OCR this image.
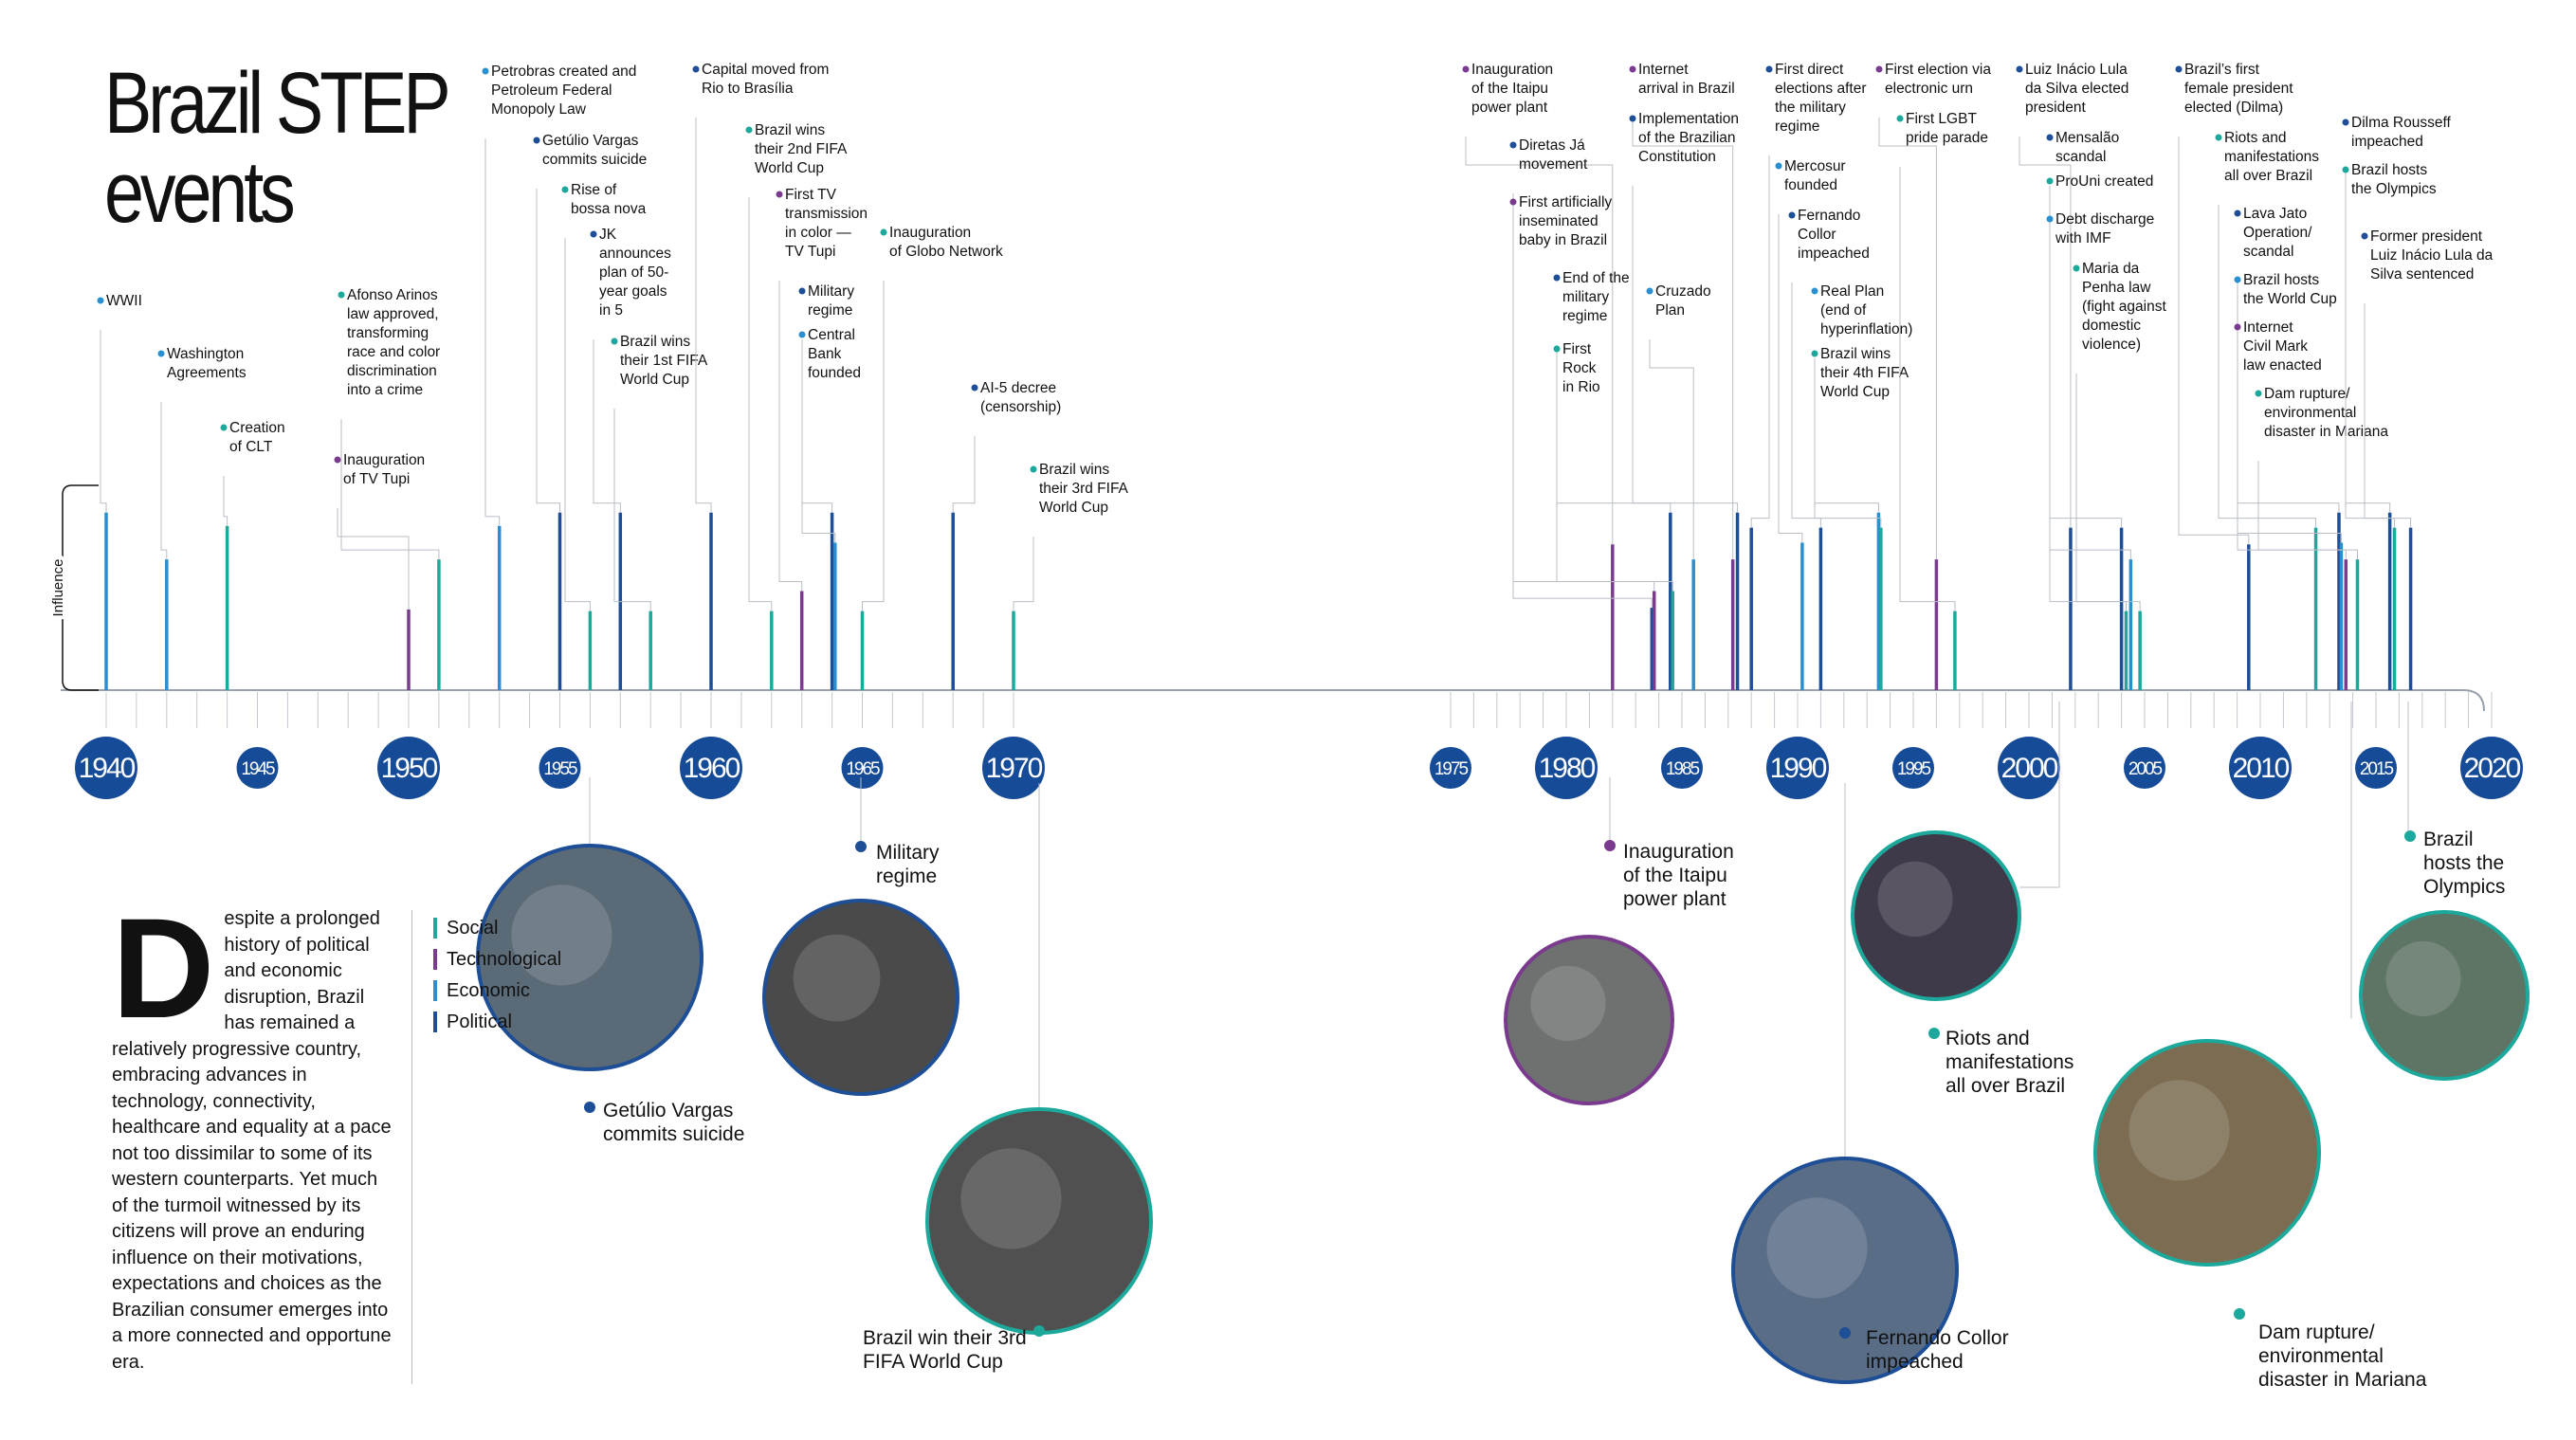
Brazil STEP
events
Influence
1940	1945	1950	1955	1960	1965	1970	1975	1980	1985	1990	1995	2000	2005	2010	2015	2020
WWII
Washington Agreements
Creation of CLT
Inauguration of TV Tupi
Afonso Arinos law approved, transforming race and color discrimination into a crime
Petrobras created and Petroleum Federal Monopoly Law
Getúlio Vargas commits suicide
Rise of bossa nova
JK announces plan of 50-year goals in 5
Brazil wins their 1st FIFA World Cup
Capital moved from Rio to Brasília
Brazil wins their 2nd FIFA World Cup
First TV transmission in color — TV Tupi
Military regime
Central Bank founded
Inauguration of Globo Network
AI-5 decree (censorship)
Brazil wins their 3rd FIFA World Cup
Inauguration of the Itaipu power plant
Diretas Já movement
First artificially inseminated baby in Brazil
End of the military regime
First Rock in Rio
Cruzado Plan
Internet arrival in Brazil
Implementation of the Brazilian Constitution
First direct elections after the military regime
Mercosur founded
Fernando Collor impeached
Real Plan (end of hyperinflation)
Brazil wins their 4th FIFA World Cup
First election via electronic urn
First LGBT pride parade
Luiz Inácio Lula da Silva elected president
Mensalão scandal
ProUni created
Debt discharge with IMF
Maria da Penha law (fight against domestic violence)
Brazil’s first female president elected (Dilma)
Riots and manifestations all over Brazil
Lava Jato Operation/ scandal
Brazil hosts the World Cup
Internet Civil Mark law enacted
Dam rupture/ environmental disaster in Mariana
Dilma Rousseff impeached
Brazil hosts the Olympics
Former president Luiz Inácio Lula da Silva sentenced
Getúlio Vargas commits suicide
Military regime
Brazil win their 3rd FIFA World Cup
Inauguration of the Itaipu power plant
Fernando Collor impeached
Riots and manifestations all over Brazil
Dam rupture/ environmental disaster in Mariana
Brazil hosts the Olympics
Despite a prolonged history of political and economic disruption, Brazil has remained a relatively progressive country, embracing advances in technology, connectivity, healthcare and equality at a pace not too dissimilar to some of its western counterparts. Yet much of the turmoil witnessed by its citizens will prove an enduring influence on their motivations, expectations and choices as the Brazilian consumer emerges into a more connected and opportune era.
Social
Technological
Economic
Political
